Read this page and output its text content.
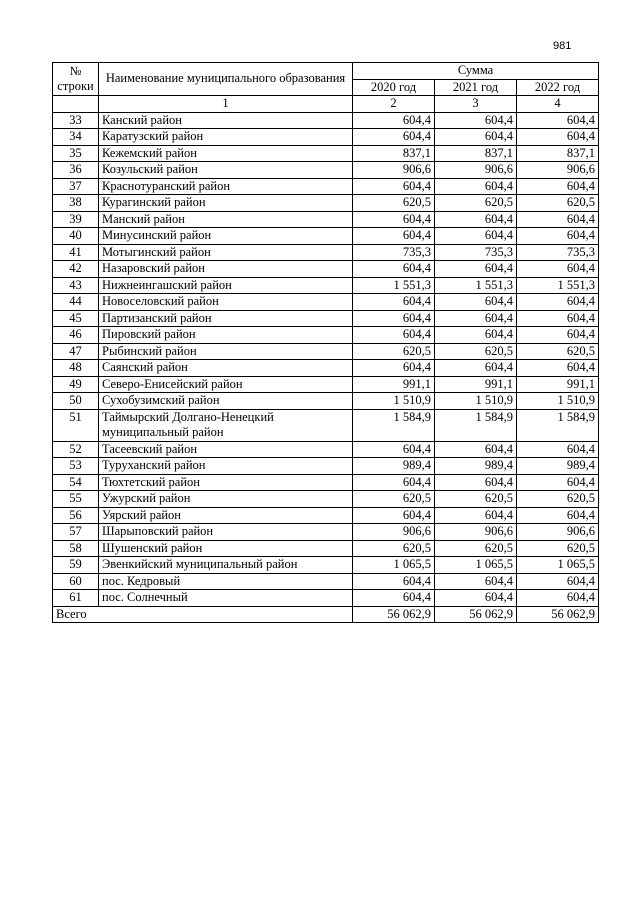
981
№ строки	Наименование муниципального образования	Сумма		
		2020 год	2021 год	2022 год
	1	2	3	4
33	Канский район	604,4	604,4	604,4
34	Каратузский район	604,4	604,4	604,4
35	Кежемский район	837,1	837,1	837,1
36	Козульский район	906,6	906,6	906,6
37	Краснотуранский район	604,4	604,4	604,4
38	Курагинский район	620,5	620,5	620,5
39	Манский район	604,4	604,4	604,4
40	Минусинский район	604,4	604,4	604,4
41	Мотыгинский район	735,3	735,3	735,3
42	Назаровский район	604,4	604,4	604,4
43	Нижнеингашский район	1 551,3	1 551,3	1 551,3
44	Новоселовский район	604,4	604,4	604,4
45	Партизанский район	604,4	604,4	604,4
46	Пировский район	604,4	604,4	604,4
47	Рыбинский район	620,5	620,5	620,5
48	Саянский район	604,4	604,4	604,4
49	Северо-Енисейский район	991,1	991,1	991,1
50	Сухобузимский район	1 510,9	1 510,9	1 510,9
51	Таймырский Долгано-Ненецкий муниципальный район	1 584,9	1 584,9	1 584,9
52	Тасеевский район	604,4	604,4	604,4
53	Туруханский район	989,4	989,4	989,4
54	Тюхтетский район	604,4	604,4	604,4
55	Ужурский район	620,5	620,5	620,5
56	Уярский район	604,4	604,4	604,4
57	Шарыповский район	906,6	906,6	906,6
58	Шушенский район	620,5	620,5	620,5
59	Эвенкийский муниципальный район	1 065,5	1 065,5	1 065,5
60	пос. Кедровый	604,4	604,4	604,4
61	пос. Солнечный	604,4	604,4	604,4
Всего		56 062,9	56 062,9	56 062,9
